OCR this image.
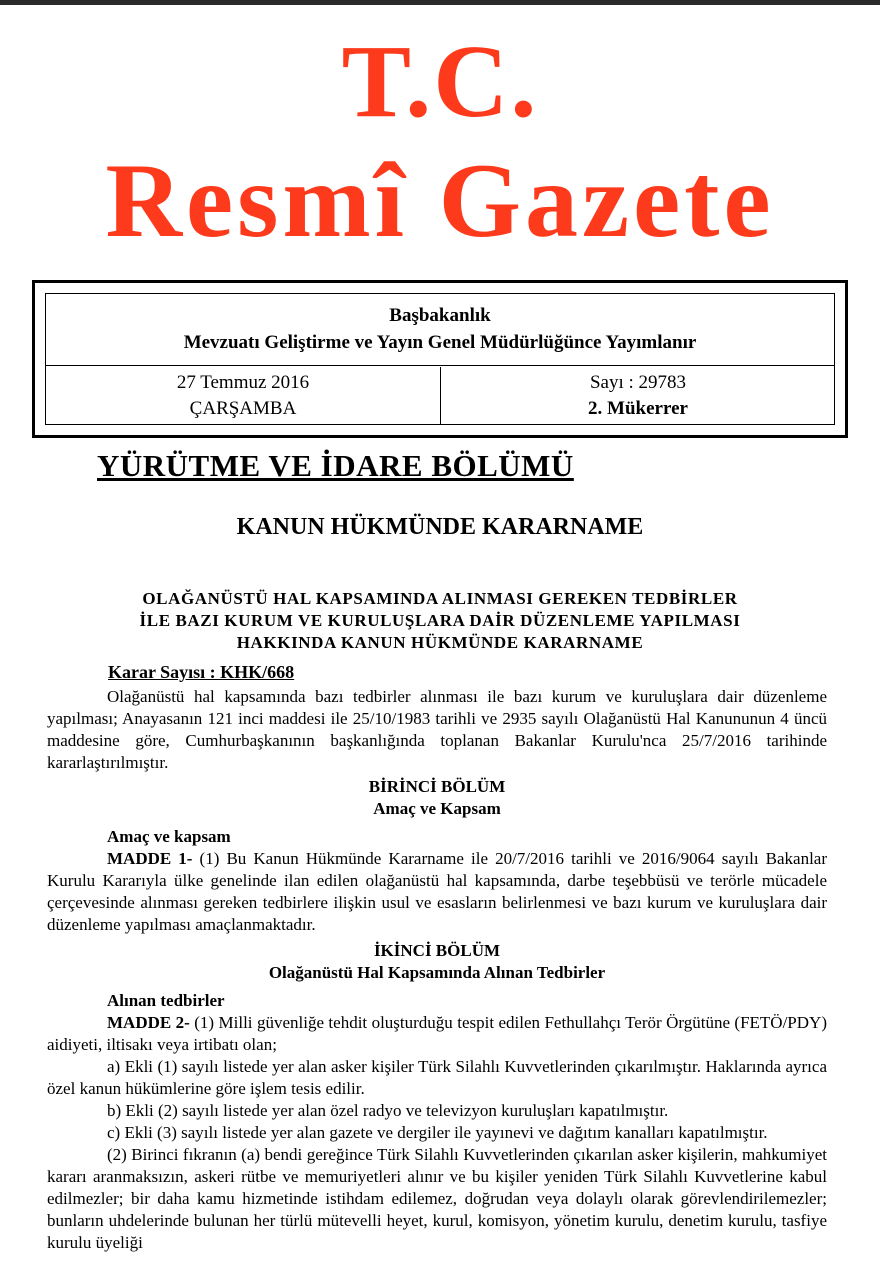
T.C.
Resmî Gazete
Başbakanlık
Mevzuatı Geliştirme ve Yayın Genel Müdürlüğünce Yayımlanır
27 Temmuz 2016
ÇARŞAMBA
Sayı : 29783
2. Mükerrer
YÜRÜTME VE İDARE BÖLÜMÜ
KANUN HÜKMÜNDE KARARNAME
OLAĞANÜSTÜ HAL KAPSAMINDA ALINMASI GEREKEN TEDBİRLER
İLE BAZI KURUM VE KURULUŞLARA DAİR DÜZENLEME YAPILMASI
HAKKINDA KANUN HÜKMÜNDE KARARNAME
Karar Sayısı : KHK/668

Olağanüstü hal kapsamında bazı tedbirler alınması ile bazı kurum ve kuruluşlara dair düzenleme yapılması; Anayasanın 121 inci maddesi ile 25/10/1983 tarihli ve 2935 sayılı Olağanüstü Hal Kanununun 4 üncü maddesine göre, Cumhurbaşkanının başkanlığında toplanan Bakanlar Kurulu'nca 25/7/2016 tarihinde kararlaştırılmıştır.

BİRİNCİ BÖLÜM

Amaç ve Kapsam

Amaç ve kapsam

MADDE 1- (1) Bu Kanun Hükmünde Kararname ile 20/7/2016 tarihli ve 2016/9064 sayılı Bakanlar Kurulu Kararıyla ülke genelinde ilan edilen olağanüstü hal kapsamında, darbe teşebbüsü ve terörle mücadele çerçevesinde alınması gereken tedbirlere ilişkin usul ve esasların belirlenmesi ve bazı kurum ve kuruluşlara dair düzenleme yapılması amaçlanmaktadır.

İKİNCİ BÖLÜM

Olağanüstü Hal Kapsamında Alınan Tedbirler

Alınan tedbirler

MADDE 2- (1) Milli güvenliğe tehdit oluşturduğu tespit edilen Fethullahçı Terör Örgütüne (FETÖ/PDY) aidiyeti, iltisakı veya irtibatı olan;

a) Ekli (1) sayılı listede yer alan asker kişiler Türk Silahlı Kuvvetlerinden çıkarılmıştır. Haklarında ayrıca özel kanun hükümlerine göre işlem tesis edilir.

b) Ekli (2) sayılı listede yer alan özel radyo ve televizyon kuruluşları kapatılmıştır.

c) Ekli (3) sayılı listede yer alan gazete ve dergiler ile yayınevi ve dağıtım kanalları kapatılmıştır.

(2) Birinci fıkranın (a) bendi gereğince Türk Silahlı Kuvvetlerinden çıkarılan asker kişilerin, mahkumiyet kararı aranmaksızın, askeri rütbe ve memuriyetleri alınır ve bu kişiler yeniden Türk Silahlı Kuvvetlerine kabul edilmezler; bir daha kamu hizmetinde istihdam edilemez, doğrudan veya dolaylı olarak görevlendirilemezler; bunların uhdelerinde bulunan her türlü mütevelli heyet, kurul, komisyon, yönetim kurulu, denetim kurulu, tasfiye kurulu üyeliği
